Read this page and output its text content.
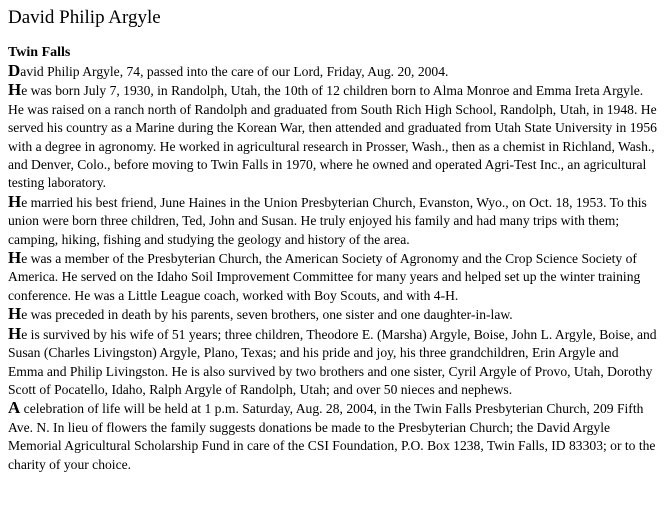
David Philip Argyle
Twin Falls

David Philip Argyle, 74, passed into the care of our Lord, Friday, Aug. 20, 2004.

He was born July 7, 1930, in Randolph, Utah, the 10th of 12 children born to Alma Monroe and Emma Ireta Argyle. He was raised on a ranch north of Randolph and graduated from South Rich High School, Randolph, Utah, in 1948. He served his country as a Marine during the Korean War, then attended and graduated from Utah State University in 1956 with a degree in agronomy. He worked in agricultural research in Prosser, Wash., then as a chemist in Richland, Wash., and Denver, Colo., before moving to Twin Falls in 1970, where he owned and operated Agri-Test Inc., an agricultural testing laboratory.

He married his best friend, June Haines in the Union Presbyterian Church, Evanston, Wyo., on Oct. 18, 1953. To this union were born three children, Ted, John and Susan. He truly enjoyed his family and had many trips with them; camping, hiking, fishing and studying the geology and history of the area.

He was a member of the Presbyterian Church, the American Society of Agronomy and the Crop Science Society of America. He served on the Idaho Soil Improvement Committee for many years and helped set up the winter training conference. He was a Little League coach, worked with Boy Scouts, and with 4-H.

He was preceded in death by his parents, seven brothers, one sister and one daughter-in-law.

He is survived by his wife of 51 years; three children, Theodore E. (Marsha) Argyle, Boise, John L. Argyle, Boise, and Susan (Charles Livingston) Argyle, Plano, Texas; and his pride and joy, his three grandchildren, Erin Argyle and Emma and Philip Livingston. He is also survived by two brothers and one sister, Cyril Argyle of Provo, Utah, Dorothy Scott of Pocatello, Idaho, Ralph Argyle of Randolph, Utah; and over 50 nieces and nephews.

A celebration of life will be held at 1 p.m. Saturday, Aug. 28, 2004, in the Twin Falls Presbyterian Church, 209 Fifth Ave. N. In lieu of flowers the family suggests donations be made to the Presbyterian Church; the David Argyle Memorial Agricultural Scholarship Fund in care of the CSI Foundation, P.O. Box 1238, Twin Falls, ID 83303; or to the charity of your choice.
